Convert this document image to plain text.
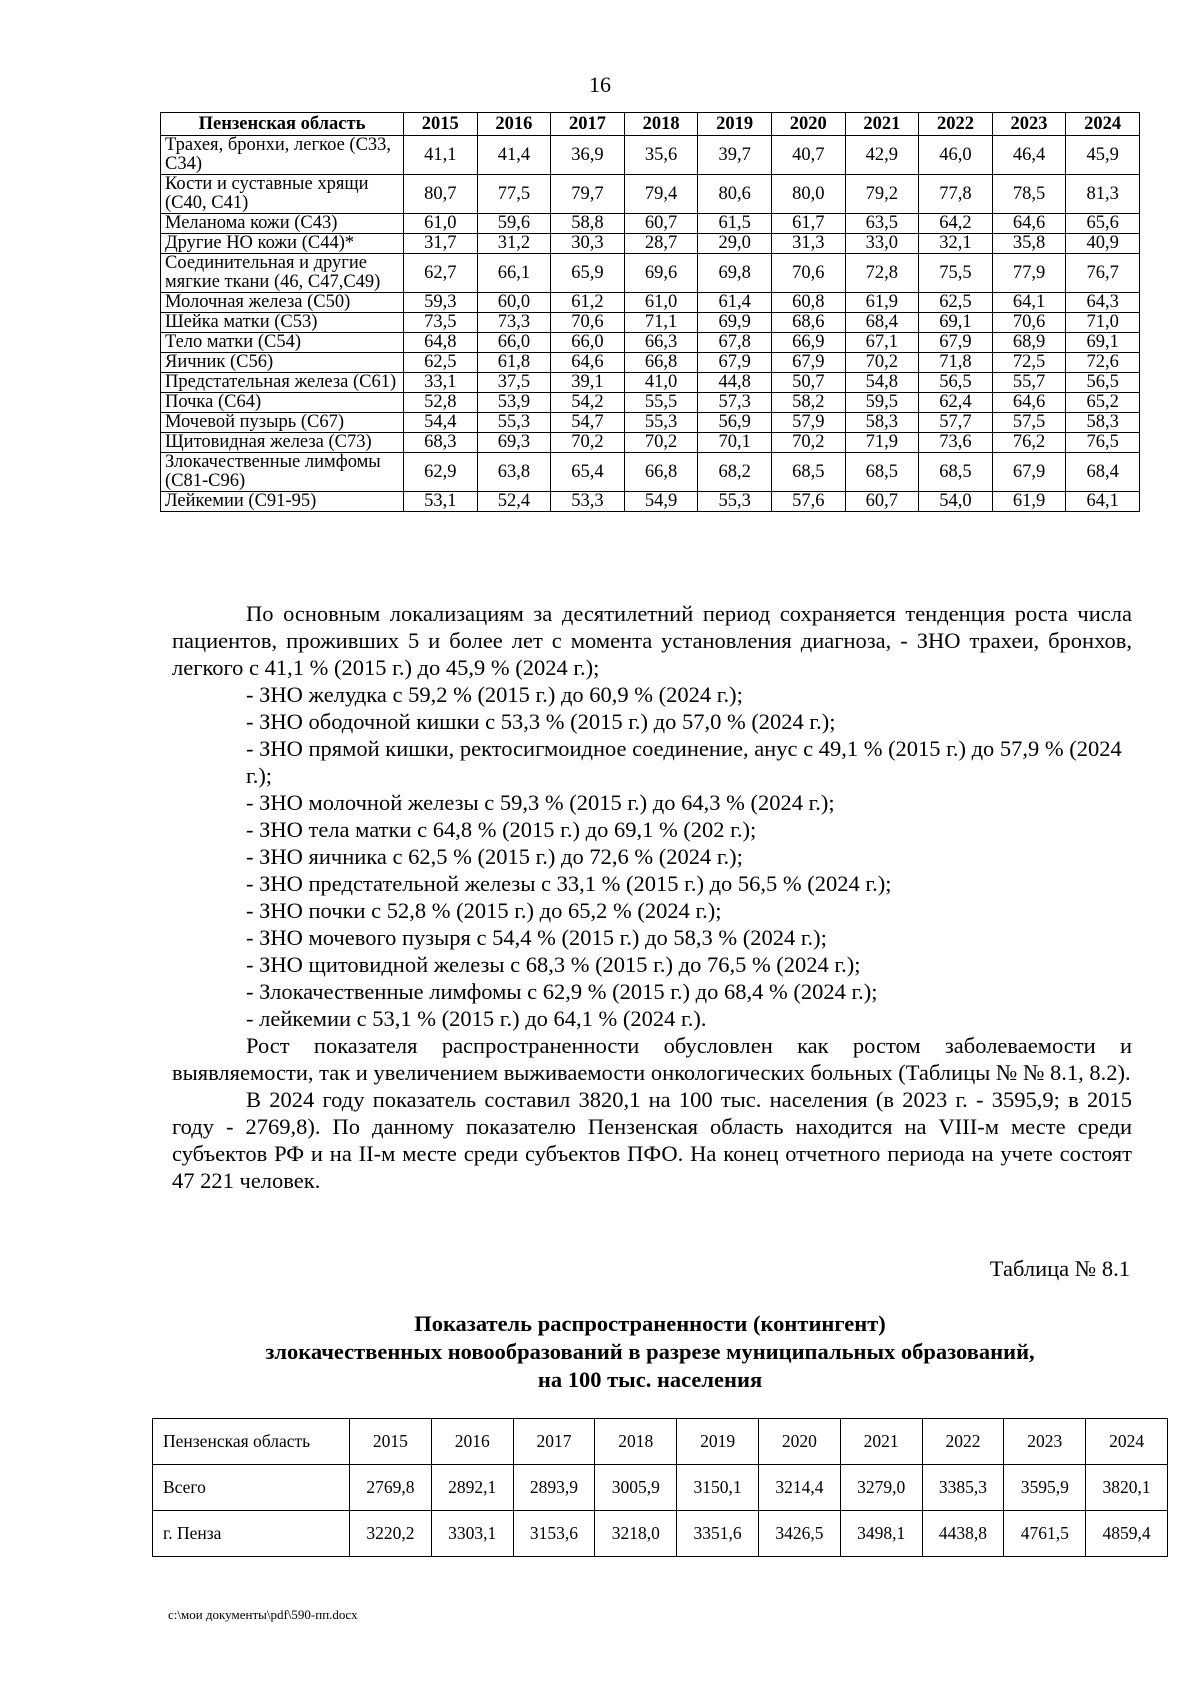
16
Пензенская область	2015	2016	2017	2018	2019	2020	2021	2022	2023	2024
Трахея, бронхи, легкое (С33, С34)	41,1	41,4	36,9	35,6	39,7	40,7	42,9	46,0	46,4	45,9
Кости и суставные хрящи (С40, С41)	80,7	77,5	79,7	79,4	80,6	80,0	79,2	77,8	78,5	81,3
Меланома кожи (С43)	61,0	59,6	58,8	60,7	61,5	61,7	63,5	64,2	64,6	65,6
Другие НО кожи (С44)*	31,7	31,2	30,3	28,7	29,0	31,3	33,0	32,1	35,8	40,9
Соединительная и другие мягкие ткани (46, С47,С49)	62,7	66,1	65,9	69,6	69,8	70,6	72,8	75,5	77,9	76,7
Молочная железа (С50)	59,3	60,0	61,2	61,0	61,4	60,8	61,9	62,5	64,1	64,3
Шейка матки (С53)	73,5	73,3	70,6	71,1	69,9	68,6	68,4	69,1	70,6	71,0
Тело матки (С54)	64,8	66,0	66,0	66,3	67,8	66,9	67,1	67,9	68,9	69,1
Яичник (С56)	62,5	61,8	64,6	66,8	67,9	67,9	70,2	71,8	72,5	72,6
Предстательная железа (С61)	33,1	37,5	39,1	41,0	44,8	50,7	54,8	56,5	55,7	56,5
Почка (С64)	52,8	53,9	54,2	55,5	57,3	58,2	59,5	62,4	64,6	65,2
Мочевой пузырь (С67)	54,4	55,3	54,7	55,3	56,9	57,9	58,3	57,7	57,5	58,3
Щитовидная железа (С73)	68,3	69,3	70,2	70,2	70,1	70,2	71,9	73,6	76,2	76,5
Злокачественные лимфомы (С81-С96)	62,9	63,8	65,4	66,8	68,2	68,5	68,5	68,5	67,9	68,4
Лейкемии (С91-95)	53,1	52,4	53,3	54,9	55,3	57,6	60,7	54,0	61,9	64,1

По основным локализациям за десятилетний период сохраняется тенденция роста числа пациентов, проживших 5 и более лет с момента установления диагноза, - ЗНО трахеи, бронхов, легкого с 41,1 % (2015 г.) до 45,9 % (2024 г.);

- ЗНО желудка с 59,2 % (2015 г.) до 60,9 % (2024 г.);

- ЗНО ободочной кишки с 53,3 % (2015 г.) до 57,0 % (2024 г.);

- ЗНО прямой кишки, ректосигмоидное соединение, анус с 49,1 % (2015 г.) до 57,9 % (2024 г.);

- ЗНО молочной железы с 59,3 % (2015 г.) до 64,3 % (2024 г.);

- ЗНО тела матки с 64,8 % (2015 г.) до 69,1 % (202 г.);

- ЗНО яичника с 62,5 % (2015 г.) до 72,6 % (2024 г.);

- ЗНО предстательной железы с 33,1 % (2015 г.) до 56,5 % (2024 г.);

- ЗНО почки с 52,8 % (2015 г.) до 65,2 % (2024 г.);

- ЗНО мочевого пузыря с 54,4 % (2015 г.) до 58,3 % (2024 г.);

- ЗНО щитовидной железы с 68,3 % (2015 г.) до 76,5 % (2024 г.);

- Злокачественные лимфомы с 62,9 % (2015 г.) до 68,4 % (2024 г.);

- лейкемии с 53,1 % (2015 г.) до 64,1 % (2024 г.).

Рост показателя распространенности обусловлен как ростом заболеваемости и выявляемости, так и увеличением выживаемости онкологических больных (Таблицы № № 8.1, 8.2).

В 2024 году показатель составил 3820,1 на 100 тыс. населения (в 2023 г. - 3595,9; в 2015 году - 2769,8). По данному показателю Пензенская область находится на VIII-м месте среди субъектов РФ и на II-м месте среди субъектов ПФО. На конец отчетного периода на учете состоят 47 221 человек.

Таблица № 8.1
Показатель распространенности (контингент)
злокачественных новообразований в разрезе муниципальных образований,
на 100 тыс. населения
Пензенская область	2015	2016	2017	2018	2019	2020	2021	2022	2023	2024
Всего	2769,8	2892,1	2893,9	3005,9	3150,1	3214,4	3279,0	3385,3	3595,9	3820,1
г. Пенза	3220,2	3303,1	3153,6	3218,0	3351,6	3426,5	3498,1	4438,8	4761,5	4859,4
c:\мои документы\pdf\590-пп.docx
